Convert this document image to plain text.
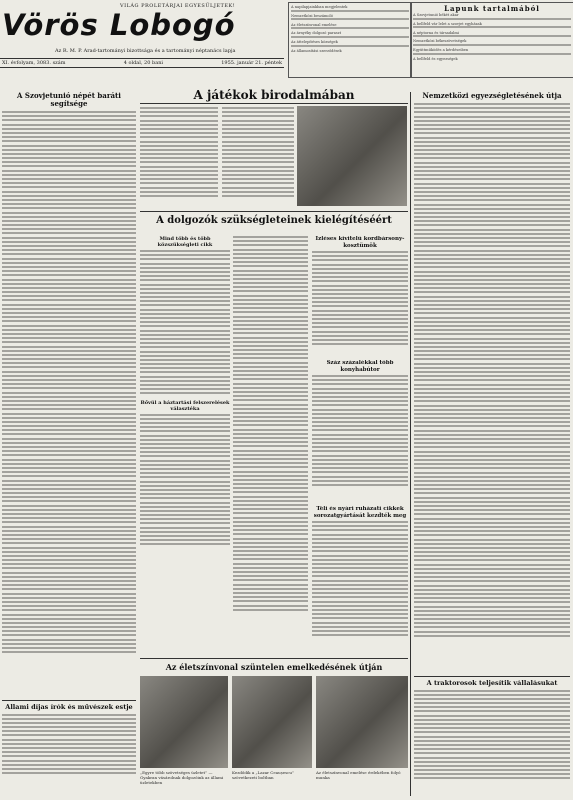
VILÁG PROLETÁRJAI EGYESÜLJETEK!
Vörös Lobogó
Az R. M. P. Arad-tartományi bizottsága és a tartományi néptanács lapja
XI. évfolyam, 3083. szám	4 oldal, 20 bani	1955. január 21. péntek
A napilapjainkban megjelentek
Nemzetközi beszámoló
Az életszínvonal emelése
Az árnyéky dolgozó paraszt
Az áttelepítéses községek
Az államosítási szerződések
Lapunk tartalmából
A Szovjetunió békét akar
A bellfeld vár lelet a szovjet egyházak
A néptorna és társadalmi
Nemzetközi békeszövetségek
Együttműködés a kérdéseiben
A bellfeld és egyezségek
A Szovjetunió népét baráti segítsége
A játékok birodalmában
A dolgozók szükségleteinek kielégítéséért
Mind több és több közszükségleti cikk
Bővül a háztartási felszerelések választéka
Ízléses kivitelü kordbársony-kosztümök
Száz százalékkal több konyhabútor
Téli és nyári ruházati cikkek sorozatgyártását kezdték meg
Az életszínvonal szüntelen emelkedésének útján
„Egyre több szövetséges üzletet” — Gyakran vásárolnak dolgozóink az állami üzletekben
Kezdődik a „Lazar Ceaușescu” szövetkezeti boltban
Az életszínvonal emelése érdekében folyó munka
Állami díjas írók és művészek estje
Nemzetközi egyezségletésének útja
A traktorosok teljesítik vállalásukat
